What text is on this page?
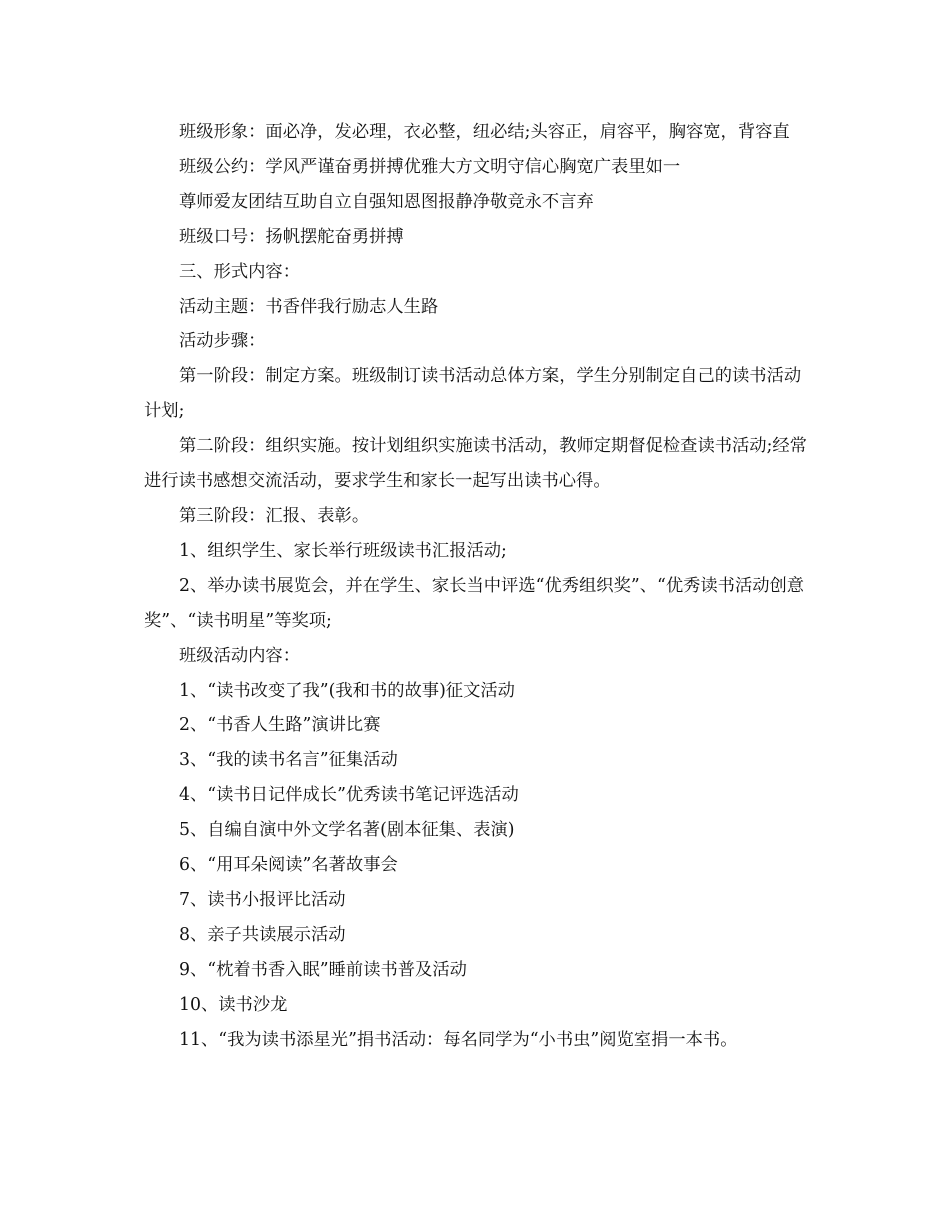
班级形象：面必净，发必理，衣必整，纽必结;头容正，肩容平，胸容宽，背容直

班级公约：学风严谨奋勇拼搏优雅大方文明守信心胸宽广表里如一

尊师爱友团结互助自立自强知恩图报静净敬竞永不言弃

班级口号：扬帆摆舵奋勇拼搏

三、形式内容：

活动主题：书香伴我行励志人生路

活动步骤：

第一阶段：制定方案。班级制订读书活动总体方案，学生分别制定自己的读书活动计划;

第二阶段：组织实施。按计划组织实施读书活动，教师定期督促检查读书活动;经常进行读书感想交流活动，要求学生和家长一起写出读书心得。

第三阶段：汇报、表彰。

1、组织学生、家长举行班级读书汇报活动;

2、举办读书展览会，并在学生、家长当中评选“优秀组织奖”、“优秀读书活动创意奖”、“读书明星”等奖项;

班级活动内容：

1、“读书改变了我”(我和书的故事)征文活动

2、“书香人生路”演讲比赛

3、“我的读书名言”征集活动

4、“读书日记伴成长”优秀读书笔记评选活动

5、自编自演中外文学名著(剧本征集、表演)

6、“用耳朵阅读”名著故事会

7、读书小报评比活动

8、亲子共读展示活动

9、“枕着书香入眠”睡前读书普及活动

10、读书沙龙

11、“我为读书添星光”捐书活动：每名同学为“小书虫”阅览室捐一本书。
